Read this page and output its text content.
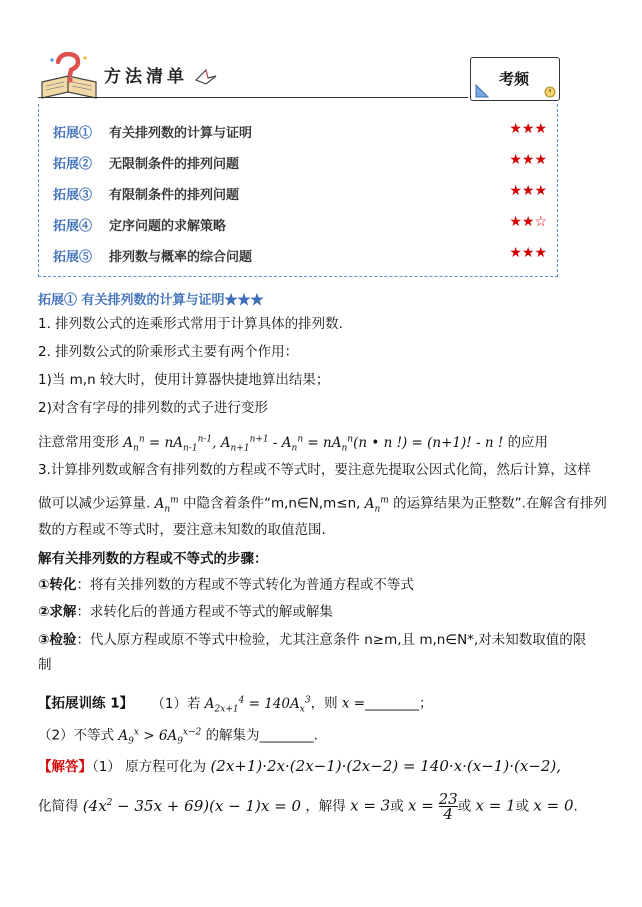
方法清单	考频
拓展① 有关排列数的计算与证明	★★★
拓展② 无限制条件的排列问题	★★★
拓展③ 有限制条件的排列问题	★★★
拓展④ 定序问题的求解策略	★★☆
拓展⑤ 排列数与概率的综合问题	★★★
拓展① 有关排列数的计算与证明★★★
1. 排列数公式的连乘形式常用于计算具体的排列数.
2. 排列数公式的阶乘形式主要有两个作用：
1)当 m,n 较大时，使用计算器快捷地算出结果；
2)对含有字母的排列数的式子进行变形
注意常用变形 $A_n^n = nA_{n-1}^{n-1}$, $A_{n+1}^{n+1} - A_n^n = nA_n^n(n$ • n !) = (n+1)! - n ! 的应用
3.计算排列数或解含有排列数的方程或不等式时，要注意先提取公因式化简，然后计算，这样
做可以减少运算量. $A_n^m$ 中隐含着条件“m,n∈N,m≤n, $A_n^m$ 的运算结果为正整数”.在解含有排列
数的方程或不等式时，要注意未知数的取值范围.
解有关排列数的方程或不等式的步骤：
①转化：将有关排列数的方程或不等式转化为普通方程或不等式
②求解：求转化后的普通方程或不等式的解或解集
③检验：代人原方程或原不等式中检验，尤其注意条件 n≥m,且 m,n∈N*,对未知数取值的限
制
【拓展训练 1】 （1）若 $A_{2x+1}^4 = 140A_x^3$，则 x =________；
（2）不等式 $A_9^x > 6A_9^{x-2}$ 的解集为________.
【解答】（1） 原方程可化为 (2x+1)·2x·(2x−1)·(2x−2) = 140·x·(x−1)·(x−2),
化简得 $(4x^2 - 35x + 69)(x - 1)x = 0$ ，解得 x = 3或 $x = \frac{23}{4}$ 或 x = 1或 x = 0.
